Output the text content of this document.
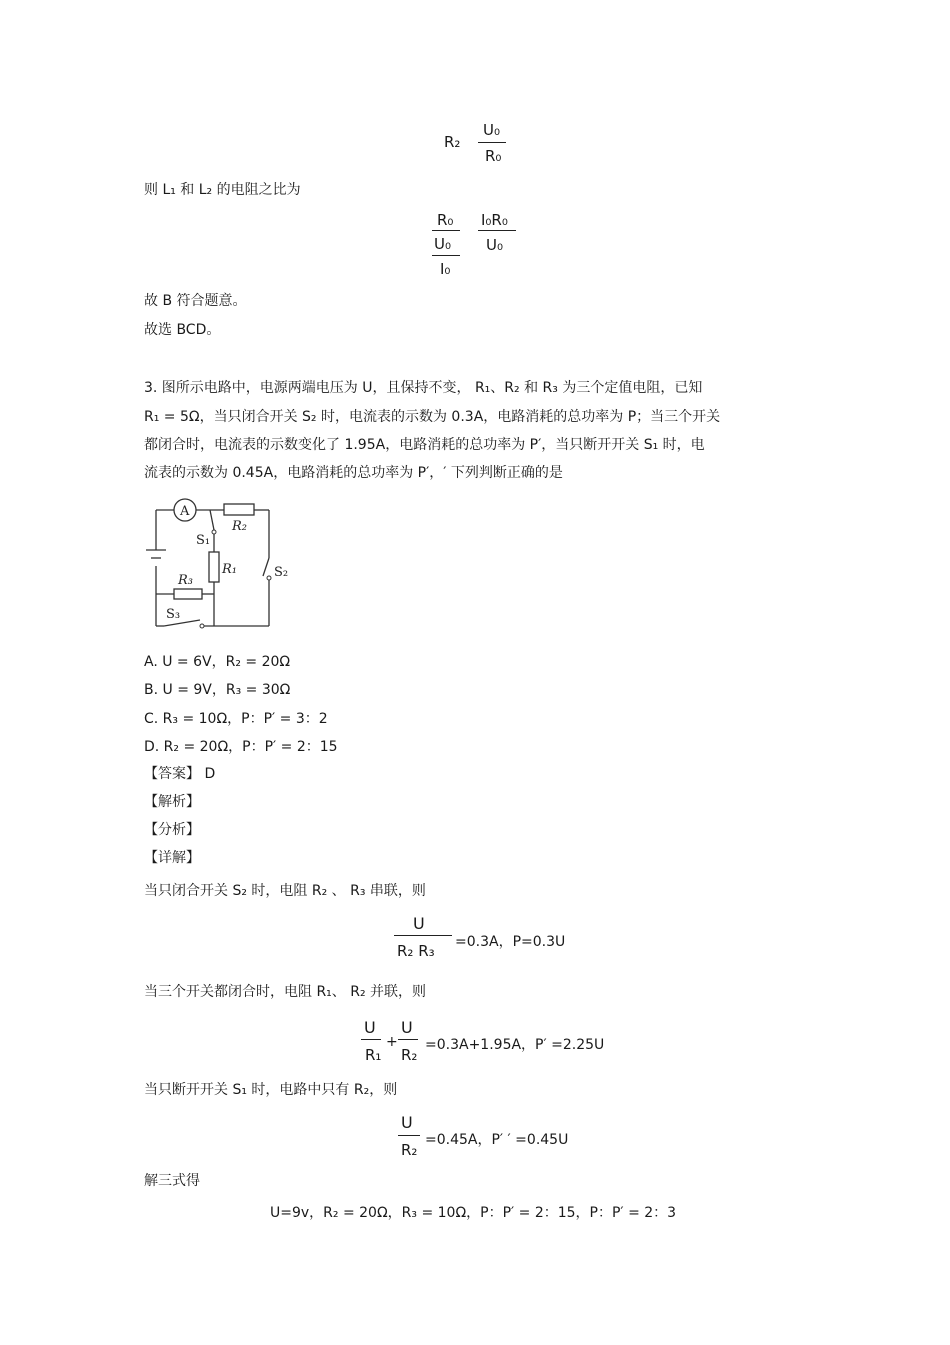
R₂
U₀
R₀
则 L₁ 和 L₂ 的电阻之比为
R₀
U₀
I₀
I₀R₀
U₀
故 B 符合题意。
故选 BCD。
3. 图所示电路中，电源两端电压为 U，且保持不变， R₁、R₂ 和 R₃ 为三个定值电阻，已知
R₁ = 5Ω，当只闭合开关 S₂ 时，电流表的示数为 0.3A，电路消耗的总功率为 P；当三个开关
都闭合时，电流表的示数变化了 1.95A，电路消耗的总功率为 P′，当只断开开关 S₁ 时，电
流表的示数为 0.45A，电路消耗的总功率为 P′，′ 下列判断正确的是
A
R₂
S₁
R₁	S₂
R₃
S₃
A. U = 6V，R₂ = 20Ω
B. U = 9V，R₃ = 30Ω
C. R₃ = 10Ω，P：P′ = 3：2
D. R₂ = 20Ω，P：P′ = 2：15
【答案】 D
【解析】
【分析】
【详解】
当只闭合开关 S₂ 时，电阻 R₂ 、 R₃ 串联，则
U
R₂ R₃ =0.3A，P=0.3U
当三个开关都闭合时，电阻 R₁、 R₂ 并联，则
U
R₁
+
U
R₂
=0.3A+1.95A，P′ =2.25U
当只断开开关 S₁ 时，电路中只有 R₂，则
U
R₂
=0.45A，P′ ′ =0.45U
解三式得
U=9v，R₂ = 20Ω，R₃ = 10Ω，P：P′ = 2：15，P：P′ = 2：3
